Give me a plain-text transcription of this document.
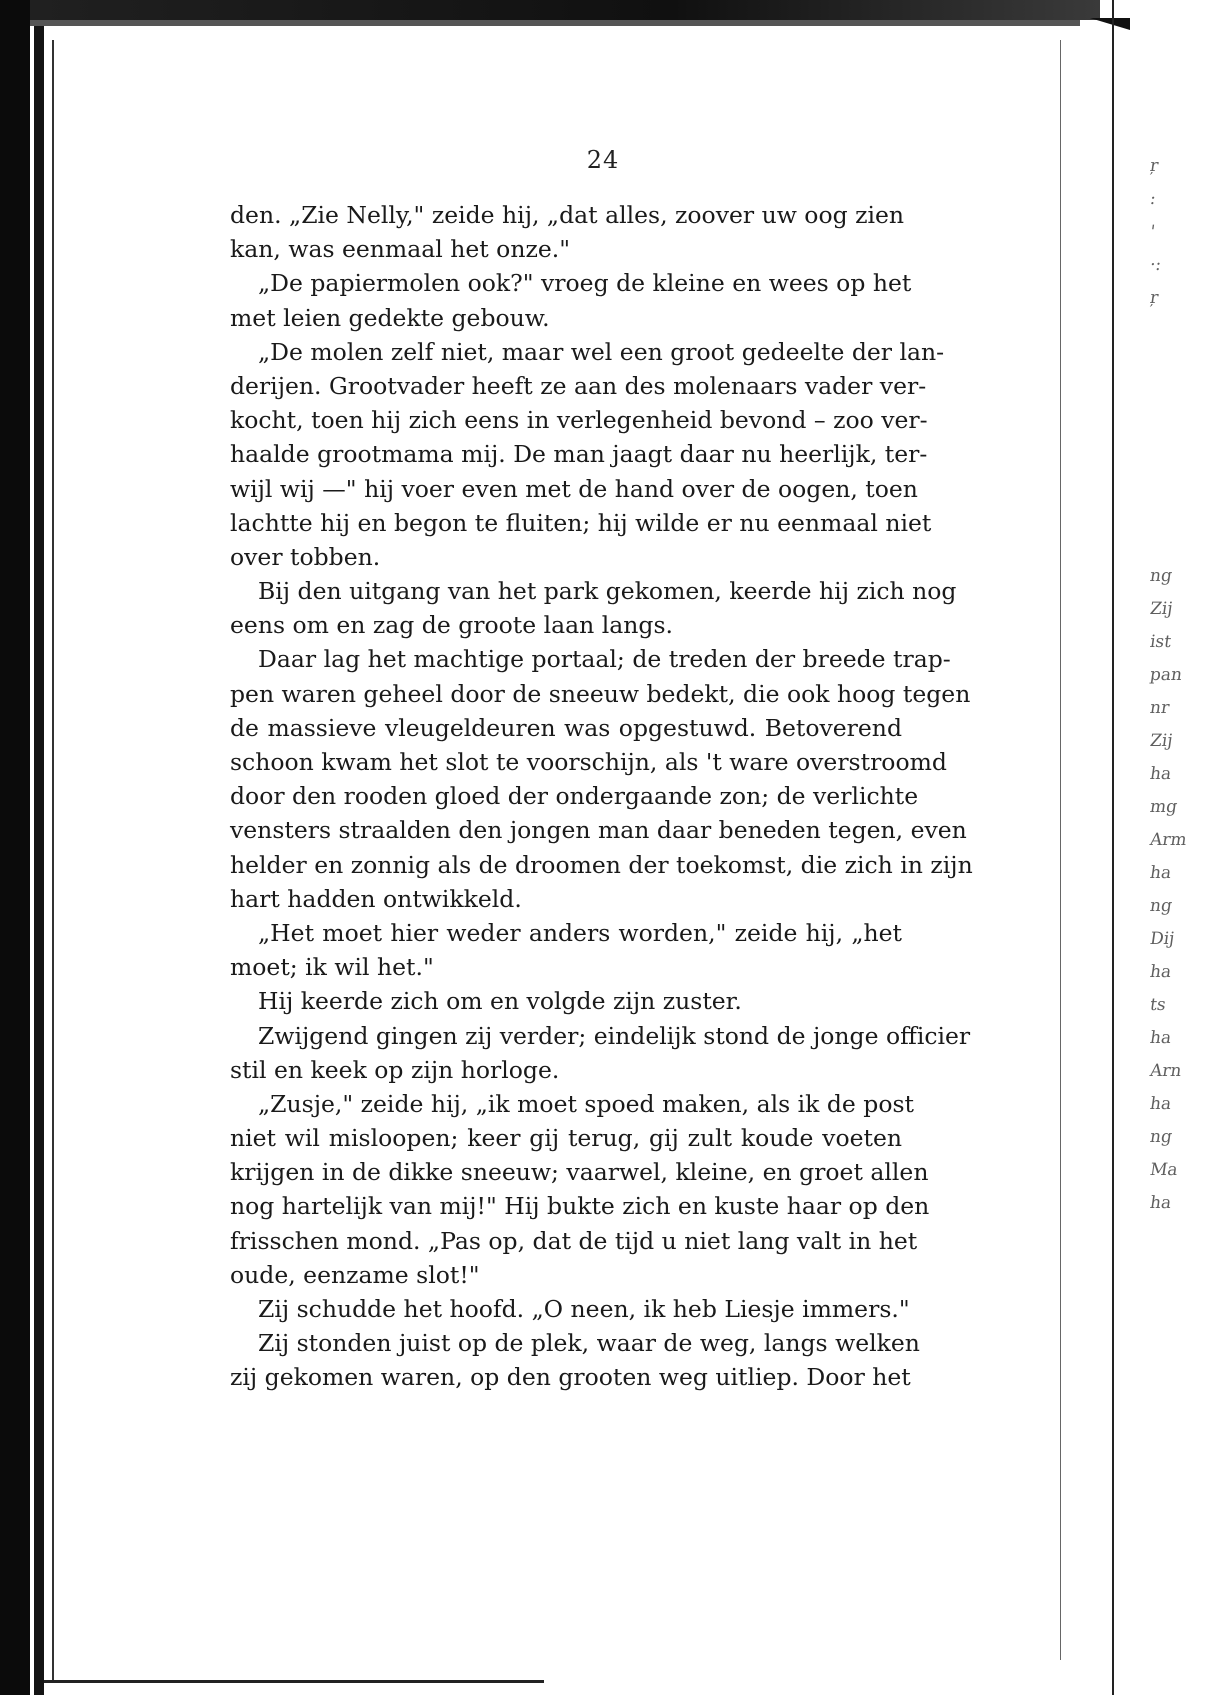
ŗ
:
ꞌ
·:
ŗ
ng
Zij
ist
pan
nr
Zij
ha
mg
Arm
ha
ng
Dij
ha
ts
ha
Arn
ha
ng
Ma
ha
24
den. „Zie Nelly," zeide hij, „dat alles, zoover uw oog zien
kan, was eenmaal het onze."
„De papiermolen ook?" vroeg de kleine en wees op het
met leien gedekte gebouw.
„De molen zelf niet, maar wel een groot gedeelte der lan-
derijen. Grootvader heeft ze aan des molenaars vader ver-
kocht, toen hij zich eens in verlegenheid bevond – zoo ver-
haalde grootmama mij. De man jaagt daar nu heerlijk, ter-
wijl wij —" hij voer even met de hand over de oogen, toen
lachtte hij en begon te fluiten; hij wilde er nu eenmaal niet
over tobben.
Bij den uitgang van het park gekomen, keerde hij zich nog
eens om en zag de groote laan langs.
Daar lag het machtige portaal; de treden der breede trap-
pen waren geheel door de sneeuw bedekt, die ook hoog tegen
de massieve vleugeldeuren was opgestuwd. Betoverend
schoon kwam het slot te voorschijn, als 't ware overstroomd
door den rooden gloed der ondergaande zon; de verlichte
vensters straalden den jongen man daar beneden tegen, even
helder en zonnig als de droomen der toekomst, die zich in zijn
hart hadden ontwikkeld.
„Het moet hier weder anders worden," zeide hij, „het
moet; ik wil het."
Hij keerde zich om en volgde zijn zuster.
Zwijgend gingen zij verder; eindelijk stond de jonge officier
stil en keek op zijn horloge.
„Zusje," zeide hij, „ik moet spoed maken, als ik de post
niet wil misloopen; keer gij terug, gij zult koude voeten
krijgen in de dikke sneeuw; vaarwel, kleine, en groet allen
nog hartelijk van mij!" Hij bukte zich en kuste haar op den
frisschen mond. „Pas op, dat de tijd u niet lang valt in het
oude, eenzame slot!"
Zij schudde het hoofd. „O neen, ik heb Liesje immers."
Zij stonden juist op de plek, waar de weg, langs welken
zij gekomen waren, op den grooten weg uitliep. Door het
